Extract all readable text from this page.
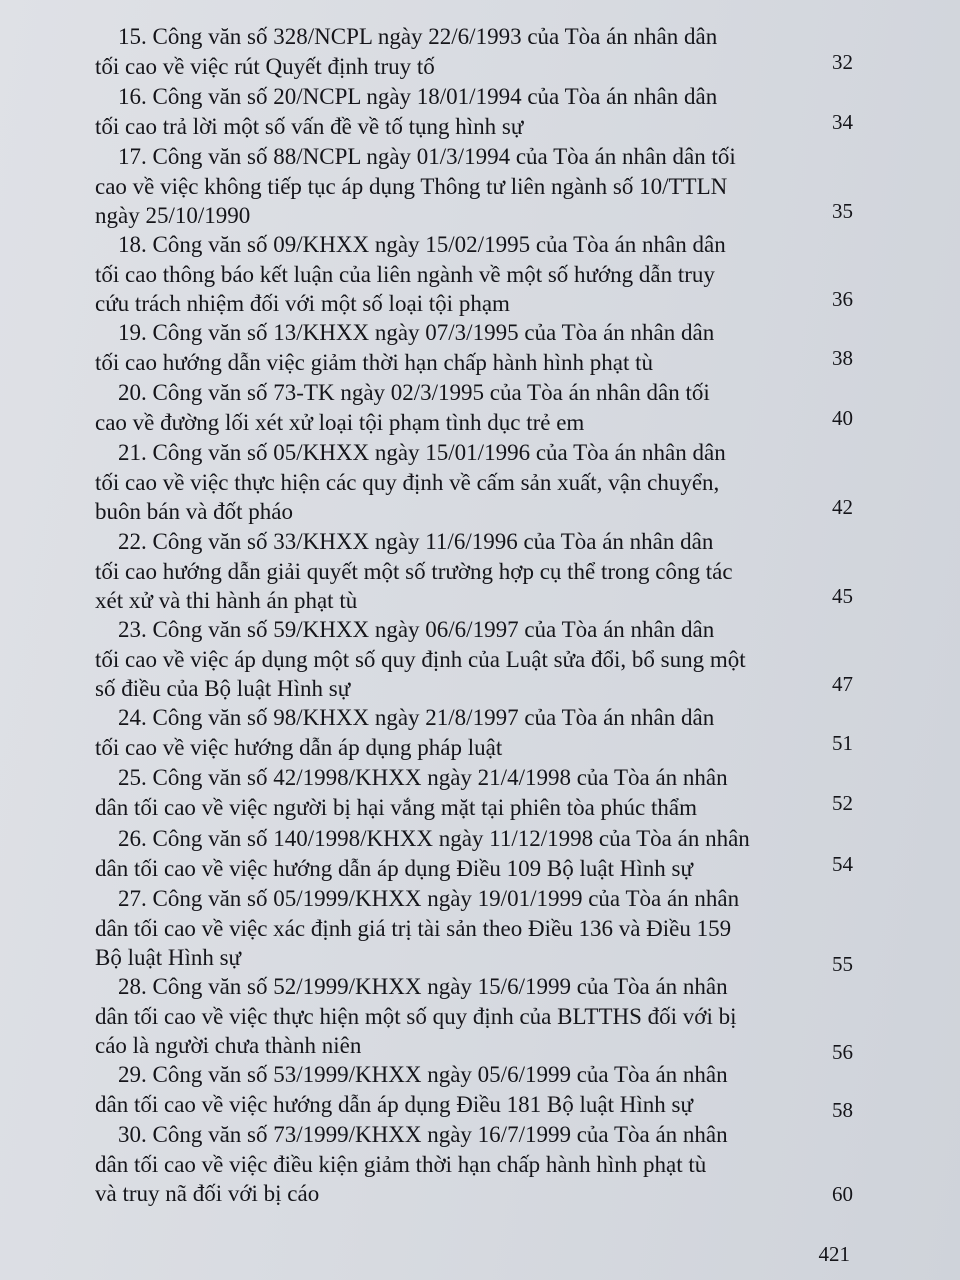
15. Công văn số 328/NCPL ngày 22/6/1993 của Tòa án nhân dân
tối cao về việc rút Quyết định truy tố	32
16. Công văn số 20/NCPL ngày 18/01/1994 của Tòa án nhân dân
tối cao trả lời một số vấn đề về tố tụng hình sự	34
17. Công văn số 88/NCPL ngày 01/3/1994 của Tòa án nhân dân tối
cao về việc không tiếp tục áp dụng Thông tư liên ngành số 10/TTLN
ngày 25/10/1990	35
18. Công văn số 09/KHXX ngày 15/02/1995 của Tòa án nhân dân
tối cao thông báo kết luận của liên ngành về một số hướng dẫn truy
cứu trách nhiệm đối với một số loại tội phạm	36
19. Công văn số 13/KHXX ngày 07/3/1995 của Tòa án nhân dân
tối cao hướng dẫn việc giảm thời hạn chấp hành hình phạt tù	38
20. Công văn số 73-TK ngày 02/3/1995 của Tòa án nhân dân tối
cao về đường lối xét xử loại tội phạm tình dục trẻ em	40
21. Công văn số 05/KHXX ngày 15/01/1996 của Tòa án nhân dân
tối cao về việc thực hiện các quy định về cấm sản xuất, vận chuyển,
buôn bán và đốt pháo	42
22. Công văn số 33/KHXX ngày 11/6/1996 của Tòa án nhân dân
tối cao hướng dẫn giải quyết một số trường hợp cụ thể trong công tác
xét xử và thi hành án phạt tù	45
23. Công văn số 59/KHXX ngày 06/6/1997 của Tòa án nhân dân
tối cao về việc áp dụng một số quy định của Luật sửa đổi, bổ sung một
số điều của Bộ luật Hình sự	47
24. Công văn số 98/KHXX ngày 21/8/1997 của Tòa án nhân dân
tối cao về việc hướng dẫn áp dụng pháp luật	51
25. Công văn số 42/1998/KHXX ngày 21/4/1998 của Tòa án nhân
dân tối cao về việc người bị hại vắng mặt tại phiên tòa phúc thẩm	52
26. Công văn số 140/1998/KHXX ngày 11/12/1998 của Tòa án nhân
dân tối cao về việc hướng dẫn áp dụng Điều 109 Bộ luật Hình sự	54
27. Công văn số 05/1999/KHXX ngày 19/01/1999 của Tòa án nhân
dân tối cao về việc xác định giá trị tài sản theo Điều 136 và Điều 159
Bộ luật Hình sự	55
28. Công văn số 52/1999/KHXX ngày 15/6/1999 của Tòa án nhân
dân tối cao về việc thực hiện một số quy định của BLTTHS đối với bị
cáo là người chưa thành niên	56
29. Công văn số 53/1999/KHXX ngày 05/6/1999 của Tòa án nhân
dân tối cao về việc hướng dẫn áp dụng Điều 181 Bộ luật Hình sự	58
30. Công văn số 73/1999/KHXX ngày 16/7/1999 của Tòa án nhân
dân tối cao về việc điều kiện giảm thời hạn chấp hành hình phạt tù
và truy nã đối với bị cáo	60
421
